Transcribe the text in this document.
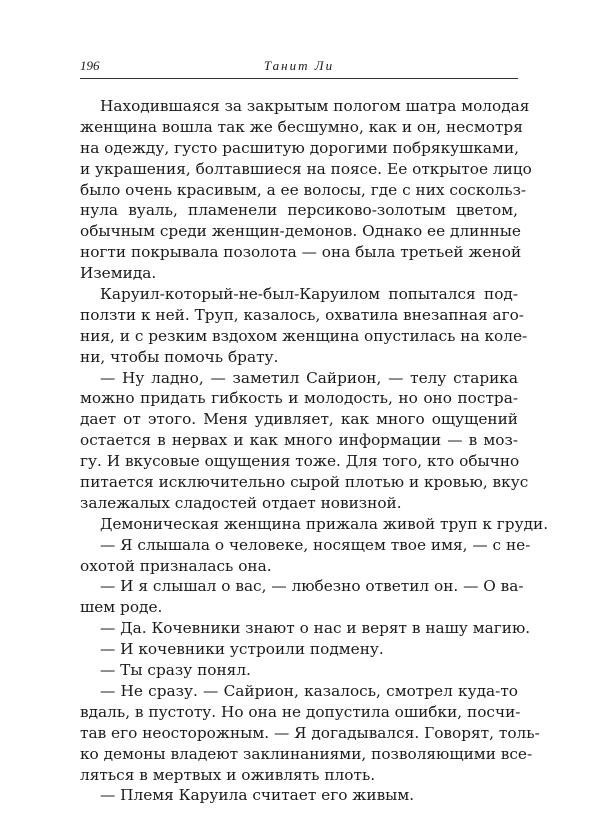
196	Танит Ли
Находившаяся за закрытым пологом шатра молодая
женщина вошла так же бесшумно, как и он, несмотря
на одежду, густо расшитую дорогими побрякушками,
и украшения, болтавшиеся на поясе. Ее открытое лицо
было очень красивым, а ее волосы, где с них соскольз-
нула вуаль, пламенели персиково-золотым цветом,
обычным среди женщин-демонов. Однако ее длинные
ногти покрывала позолота — она была третьей женой
Иземида.
Каруил-который-не-был-Каруилом попытался под-
ползти к ней. Труп, казалось, охватила внезапная аго-
ния, и с резким вздохом женщина опустилась на коле-
ни, чтобы помочь брату.
— Ну ладно, — заметил Сайрион, — телу старика
можно придать гибкость и молодость, но оно постра-
дает от этого. Меня удивляет, как много ощущений
остается в нервах и как много информации — в моз-
гу. И вкусовые ощущения тоже. Для того, кто обычно
питается исключительно сырой плотью и кровью, вкус
залежалых сладостей отдает новизной.
Демоническая женщина прижала живой труп к груди.
— Я слышала о человеке, носящем твое имя, — с не-
охотой призналась она.
— И я слышал о вас, — любезно ответил он. — О ва-
шем роде.
— Да. Кочевники знают о нас и верят в нашу магию.
— И кочевники устроили подмену.
— Ты сразу понял.
— Не сразу. — Сайрион, казалось, смотрел куда-то
вдаль, в пустоту. Но она не допустила ошибки, посчи-
тав его неосторожным. — Я догадывался. Говорят, толь-
ко демоны владеют заклинаниями, позволяющими все-
ляться в мертвых и оживлять плоть.
— Племя Каруила считает его живым.
